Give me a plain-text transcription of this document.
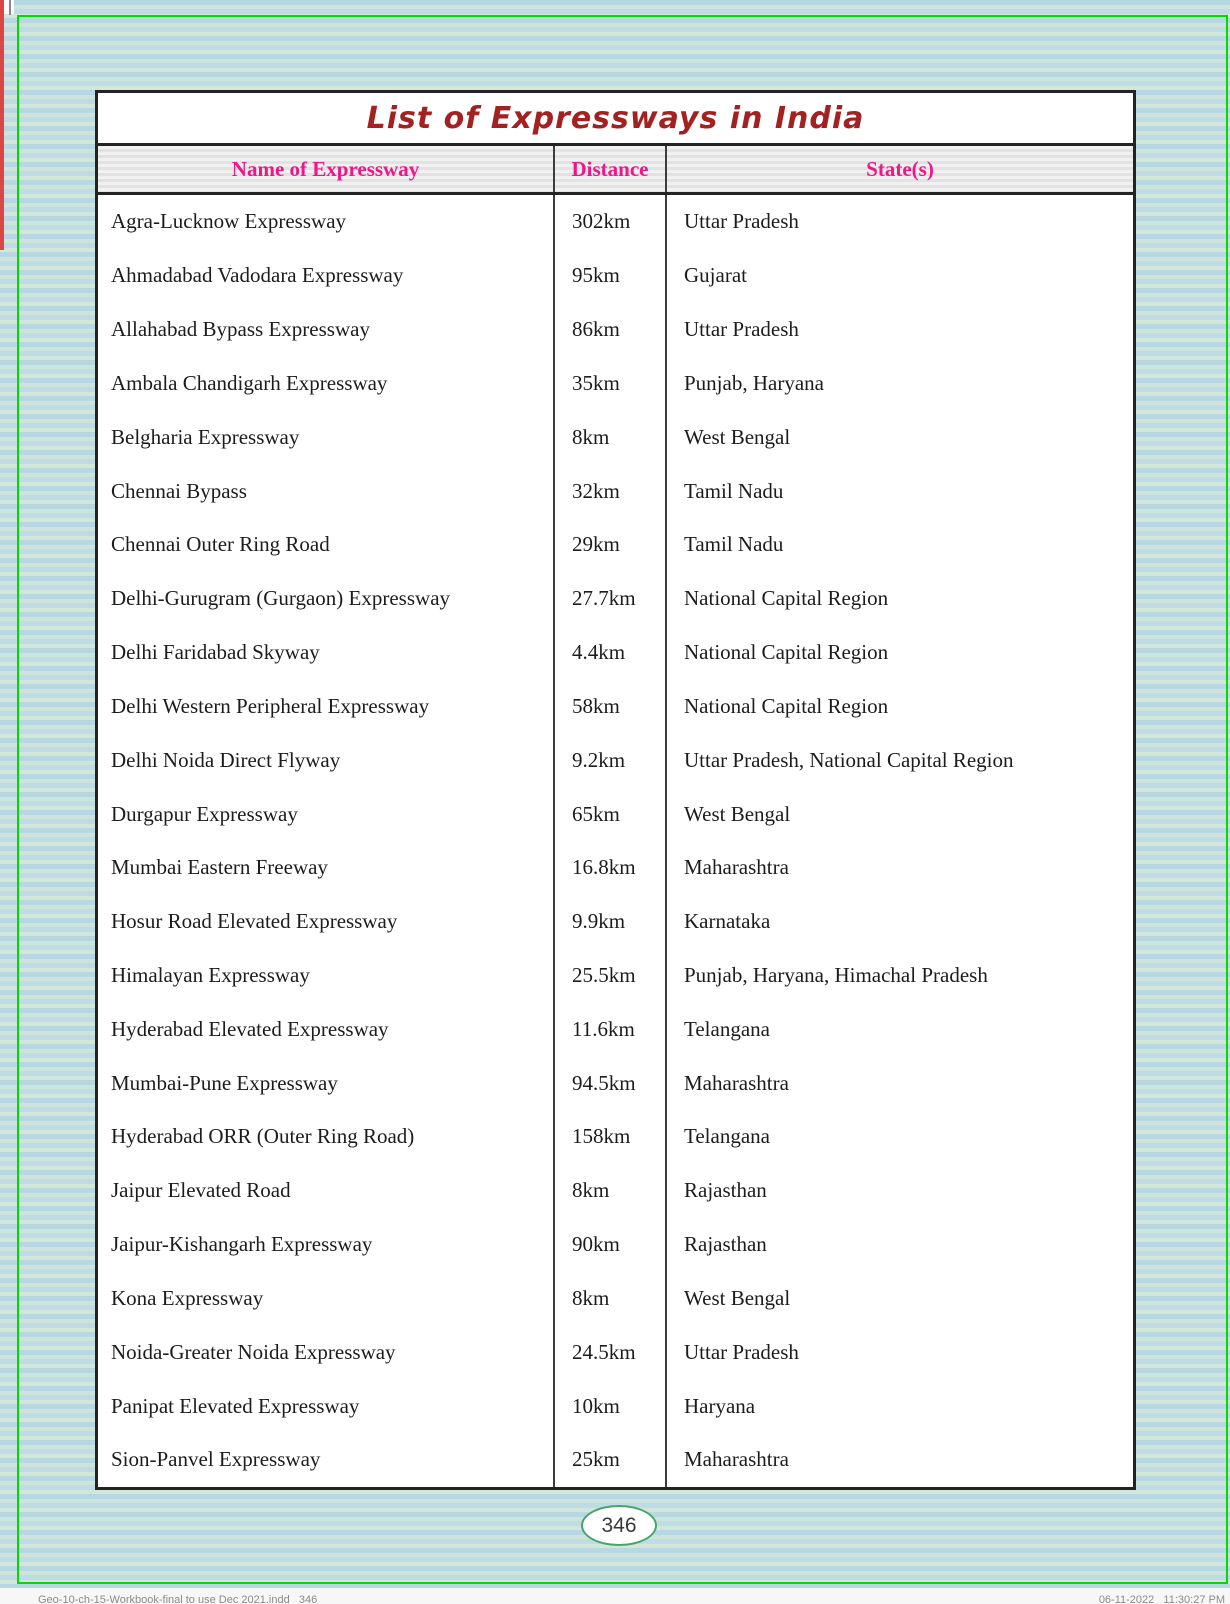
List of Expressways in India
Name of Expressway	Distance	State(s)
Agra-Lucknow Expressway	302km	Uttar Pradesh
Ahmadabad Vadodara Expressway	95km	Gujarat
Allahabad Bypass Expressway	86km	Uttar Pradesh
Ambala Chandigarh Expressway	35km	Punjab, Haryana
Belgharia Expressway	8km	West Bengal
Chennai Bypass	32km	Tamil Nadu
Chennai Outer Ring Road	29km	Tamil Nadu
Delhi-Gurugram (Gurgaon) Expressway	27.7km	National Capital Region
Delhi Faridabad Skyway	4.4km	National Capital Region
Delhi Western Peripheral Expressway	58km	National Capital Region
Delhi Noida Direct Flyway	9.2km	Uttar Pradesh, National Capital Region
Durgapur Expressway	65km	West Bengal
Mumbai Eastern Freeway	16.8km	Maharashtra
Hosur Road Elevated Expressway	9.9km	Karnataka
Himalayan Expressway	25.5km	Punjab, Haryana, Himachal Pradesh
Hyderabad Elevated Expressway	11.6km	Telangana
Mumbai-Pune Expressway	94.5km	Maharashtra
Hyderabad ORR (Outer Ring Road)	158km	Telangana
Jaipur Elevated Road	8km	Rajasthan
Jaipur-Kishangarh Expressway	90km	Rajasthan
Kona Expressway	8km	West Bengal
Noida-Greater Noida Expressway	24.5km	Uttar Pradesh
Panipat Elevated Expressway	10km	Haryana
Sion-Panvel Expressway	25km	Maharashtra
346
Geo-10-ch-15-Workbook-final to use Dec 2021.indd   346	06-11-2022   11:30:27 PM
